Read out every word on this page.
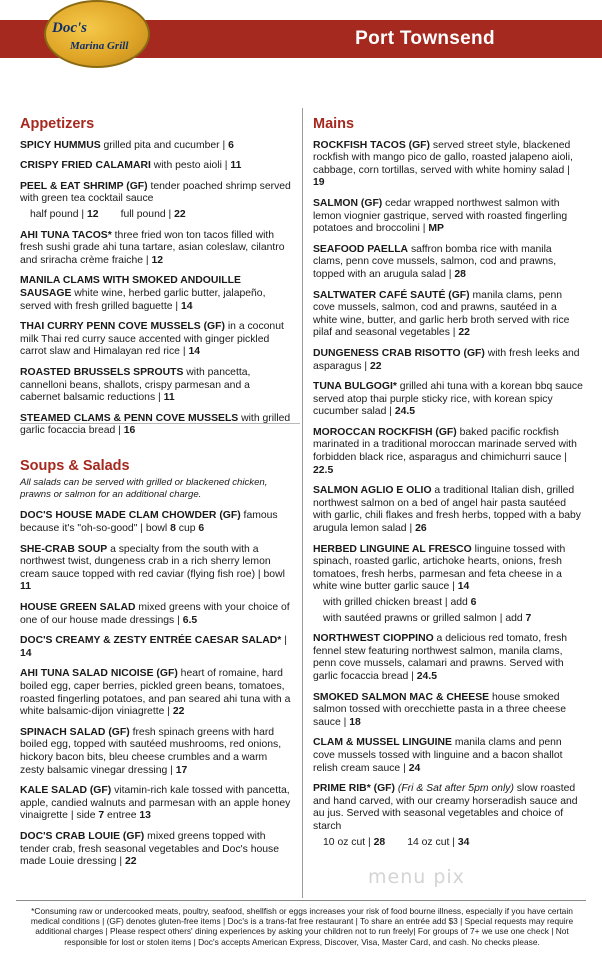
Doc's
Marina Grill	Port Townsend
Appetizers
SPICY HUMMUS grilled pita and cucumber | 6
CRISPY FRIED CALAMARI with pesto aioli | 11
PEEL & EAT SHRIMP (GF) tender poached shrimp served with green tea cocktail sauce
half pound | 12 full pound | 22
AHI TUNA TACOS* three fried won ton tacos filled with fresh sushi grade ahi tuna tartare, asian coleslaw, cilantro and sriracha crème fraiche | 12
MANILA CLAMS WITH SMOKED ANDOUILLE SAUSAGE white wine, herbed garlic butter, jalapeño, served with fresh grilled baguette | 14
THAI CURRY PENN COVE MUSSELS (GF) in a coconut milk Thai red curry sauce accented with ginger pickled carrot slaw and Himalayan red rice | 14
ROASTED BRUSSELS SPROUTS with pancetta, cannelloni beans, shallots, crispy parmesan and a cabernet balsamic reductions | 11
STEAMED CLAMS & PENN COVE MUSSELS with grilled garlic focaccia bread | 16
Soups & Salads
All salads can be served with grilled or blackened chicken, prawns or salmon for an additional charge.
DOC'S HOUSE MADE CLAM CHOWDER (GF) famous because it's "oh-so-good" | bowl 8 cup 6
SHE-CRAB SOUP a specialty from the south with a northwest twist, dungeness crab in a rich sherry lemon cream sauce topped with red caviar (flying fish roe) | bowl 11
HOUSE GREEN SALAD mixed greens with your choice of one of our house made dressings | 6.5
DOC'S CREAMY & ZESTY ENTRÉE CAESAR SALAD* | 14
AHI TUNA SALAD NICOISE (GF) heart of romaine, hard boiled egg, caper berries, pickled green beans, tomatoes, roasted fingerling potatoes, and pan seared ahi tuna with a white balsamic-dijon viniagrette | 22
SPINACH SALAD (GF) fresh spinach greens with hard boiled egg, topped with sautéed mushrooms, red onions, hickory bacon bits, bleu cheese crumbles and a warm zesty balsamic vinegar dressing | 17
KALE SALAD (GF) vitamin-rich kale tossed with pancetta, apple, candied walnuts and parmesan with an apple honey vinaigrette | side 7 entree 13
DOC'S CRAB LOUIE (GF) mixed greens topped with tender crab, fresh seasonal vegetables and Doc's house made Louie dressing | 22
Mains
ROCKFISH TACOS (GF) served street style, blackened rockfish with mango pico de gallo, roasted jalapeno aioli, cabbage, corn tortillas, served with white hominy salad | 19
SALMON (GF) cedar wrapped northwest salmon with lemon viognier gastrique, served with roasted fingerling potatoes and broccolini | MP
SEAFOOD PAELLA saffron bomba rice with manila clams, penn cove mussels, salmon, cod and prawns, topped with an arugula salad | 28
SALTWATER CAFÉ SAUTÉ (GF) manila clams, penn cove mussels, salmon, cod and prawns, sautéed in a white wine, butter, and garlic herb broth served with rice pilaf and seasonal vegetables | 22
DUNGENESS CRAB RISOTTO (GF) with fresh leeks and asparagus | 22
TUNA BULGOGI* grilled ahi tuna with a korean bbq sauce served atop thai purple sticky rice, with korean spicy cucumber salad | 24.5
MOROCCAN ROCKFISH (GF) baked pacific rockfish marinated in a traditional moroccan marinade served with forbidden black rice, asparagus and chimichurri sauce | 22.5
SALMON AGLIO E OLIO a traditional Italian dish, grilled northwest salmon on a bed of angel hair pasta sautéed with garlic, chili flakes and fresh herbs, topped with a baby arugula lemon salad | 26
HERBED LINGUINE AL FRESCO linguine tossed with spinach, roasted garlic, artichoke hearts, onions, fresh tomatoes, fresh herbs, parmesan and feta cheese in a white wine butter garlic sauce | 14
with grilled chicken breast | add 6
with sautéed prawns or grilled salmon | add 7
NORTHWEST CIOPPINO a delicious red tomato, fresh fennel stew featuring northwest salmon, manila clams, penn cove mussels, calamari and prawns. Served with garlic focaccia bread | 24.5
SMOKED SALMON MAC & CHEESE house smoked salmon tossed with orecchiette pasta in a three cheese sauce | 18
CLAM & MUSSEL LINGUINE manila clams and penn cove mussels tossed with linguine and a bacon shallot relish cream sauce | 24
PRIME RIB* (GF) (Fri & Sat after 5pm only) slow roasted and hand carved, with our creamy horseradish sauce and au jus. Served with seasonal vegetables and choice of starch
10 oz cut | 28 14 oz cut | 34
menu pix
*Consuming raw or undercooked meats, poultry, seafood, shellfish or eggs increases your risk of food bourne illness, especially if you have certain medical conditions | (GF) denotes gluten-free items | Doc's is a trans-fat free restaurant | To share an entrée add $3 | Special requests may require additional charges | Please respect others' dining experiences by asking your children not to run freely| For groups of 7+ we use one check | Not responsible for lost or stolen items | Doc's accepts American Express, Discover, Visa, Master Card, and cash. No checks please.
